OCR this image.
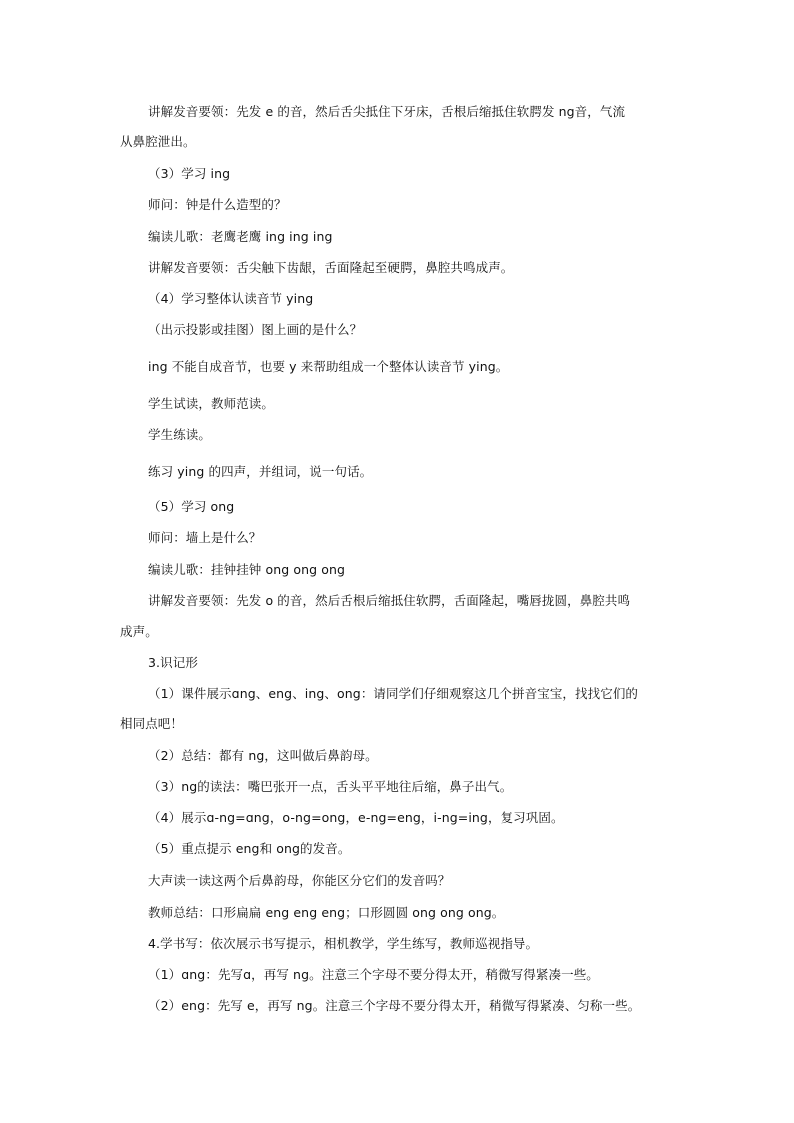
讲解发音要领：先发 e 的音，然后舌尖抵住下牙床，舌根后缩抵住软腭发 ng音，气流
从鼻腔泄出。
（3）学习 ing
师问：钟是什么造型的？
编读儿歌：老鹰老鹰 ing ing ing
讲解发音要领：舌尖触下齿龈，舌面隆起至硬腭，鼻腔共鸣成声。
（4）学习整体认读音节 ying
（出示投影或挂图）图上画的是什么？
ing 不能自成音节，也要 y 来帮助组成一个整体认读音节 ying。
学生试读，教师范读。
学生练读。
练习 ying 的四声，并组词，说一句话。
（5）学习 ong
师问：墙上是什么？
编读儿歌：挂钟挂钟 ong ong ong
讲解发音要领：先发 o 的音，然后舌根后缩抵住软腭，舌面隆起，嘴唇拢圆，鼻腔共鸣
成声。
3.识记形
（1）课件展示ɑng、eng、ing、ong：请同学们仔细观察这几个拼音宝宝，找找它们的
相同点吧！
（2）总结：都有 ng，这叫做后鼻韵母。
（3）ng的读法：嘴巴张开一点，舌头平平地往后缩，鼻子出气。
（4）展示ɑ-ng=ɑng，o-ng=ong，e-ng=eng，i-ng=ing，复习巩固。
（5）重点提示 eng和 ong的发音。
大声读一读这两个后鼻韵母，你能区分它们的发音吗？
教师总结：口形扁扁 eng eng eng；口形圆圆 ong ong ong。
4.学书写：依次展示书写提示，相机教学，学生练写，教师巡视指导。
（1）ɑng：先写ɑ，再写 ng。注意三个字母不要分得太开，稍微写得紧凑一些。
（2）eng：先写 e，再写 ng。注意三个字母不要分得太开，稍微写得紧凑、匀称一些。
